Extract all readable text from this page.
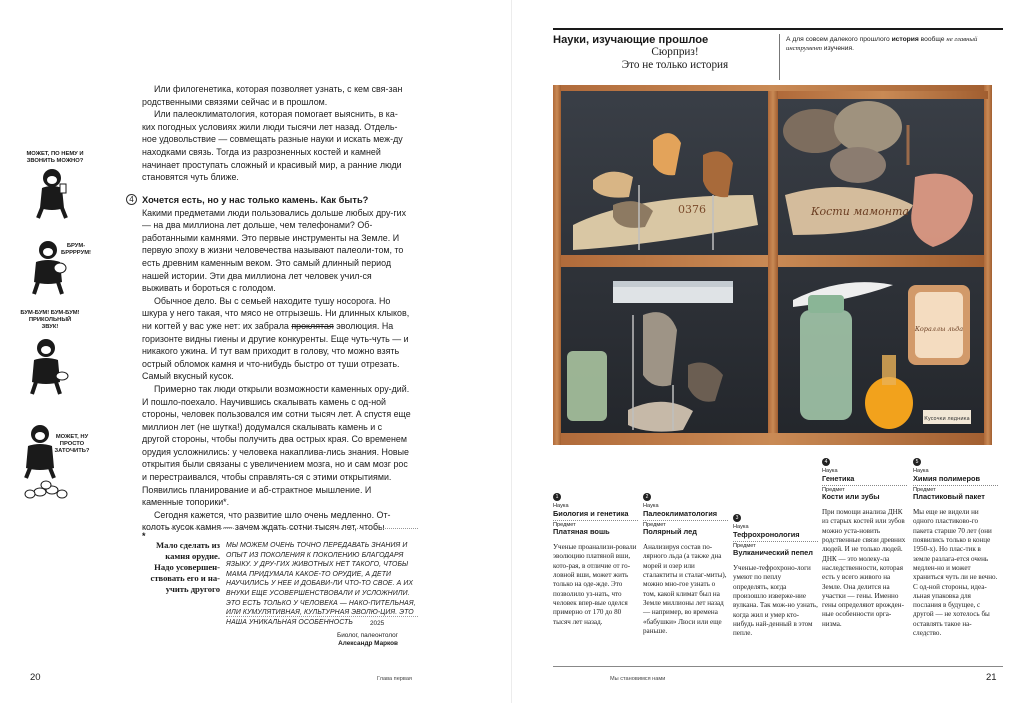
Или филогенетика, которая позволяет узнать, с кем свя-зан родственными связями сейчас и в прошлом.

Или палеоклиматология, которая помогает выяснить, в ка-ких погодных условиях жили люди тысячи лет назад. Отдель-ное удовольствие — совмещать разные науки и искать меж-ду находками связь. Тогда из разрозненных костей и камней начинает проступать сложный и красивый мир, а ранние люди становятся чуть ближе.

4 Хочется есть, но у нас только камень. Как быть?

Какими предметами люди пользовались дольше любых дру-гих — на два миллиона лет дольше, чем телефонами? Об-работанными камнями. Это первые инструменты на Земле. И первую эпоху в жизни человечества называют палеоли-том, то есть древним каменным веком. Это самый длинный период нашей истории. Эти два миллиона лет человек учил-ся выживать и бороться с голодом.

Обычное дело. Вы с семьей находите тушу носорога. Но шкура у него такая, что мясо не отгрызешь. Ни длинных клыков, ни когтей у вас уже нет: их забрала проклятая эволюция. На горизонте видны гиены и другие конкуренты. Еще чуть-чуть — и никакого ужина. И тут вам приходит в голову, что можно взять острый обломок камня и что-нибудь быстро от туши отрезать. Самый вкусный кусок.

Примерно так люди открыли возможности каменных ору-дий. И пошло-поехало. Научившись скалывать камень с од-ной стороны, человек пользовался им сотни тысяч лет. А спустя еще миллион лет (не шутка!) додумался скалывать камень и с другой стороны, чтобы получить два острых края. Со временем орудия усложнились: у человека накаплива-лись знания. Новые открытия были связаны с увеличением мозга, но и сам мозг рос и перестраивался, чтобы справлять-ся с этими открытиями. Появились планирование и аб-страктное мышление. И каменные топорики*.

Сегодня кажется, что развитие шло очень медленно. От-колоть кусок камня — зачем ждать сотни тысяч лет, чтобы

МОЖЕТ, ПО НЕМУ И ЗВОНИТЬ МОЖНО?
БРУМ-БРРРРУМ!
БУМ-БУМ! БУМ-БУМ! ПРИКОЛЬНЫЙ ЗВУК!
МОЖЕТ, НУ ПРОСТО ЗАТОЧИТЬ?
*
Мало сделать из камня орудие. Надо усовершен-ствовать его и на-учить другого
МЫ МОЖЕМ ОЧЕНЬ ТОЧНО ПЕРЕДАВАТЬ ЗНАНИЯ И ОПЫТ ИЗ ПОКОЛЕНИЯ К ПОКОЛЕНИЮ БЛАГОДАРЯ ЯЗЫКУ. У ДРУ-ГИХ ЖИВОТНЫХ НЕТ ТАКОГО, ЧТОБЫ МАМА ПРИДУМАЛА КАКОЕ-ТО ОРУДИЕ, А ДЕТИ НАУЧИЛИСЬ У НЕЕ И ДОБАВИ-ЛИ ЧТО-ТО СВОЕ. А ИХ ВНУКИ ЕЩЕ УСОВЕРШЕНСТВОВАЛИ И УСЛОЖНИЛИ. ЭТО ЕСТЬ ТОЛЬКО У ЧЕЛОВЕКА — НАКО-ПИТЕЛЬНАЯ, ИЛИ КУМУЛЯТИВНАЯ, КУЛЬТУРНАЯ ЭВОЛЮ-ЦИЯ. ЭТО НАША УНИКАЛЬНАЯ ОСОБЕННОСТЬ	2025
Биолог, палеонтолог
Александр Марков
20	Глава первая
Науки, изучающие прошлое
Сюрприз!
Это не только история
А для совсем далекого прошлого история вообще не главный инструмент изучения.
0376	Кости мамонта
Кораллы льда
Кусочки ледника
1
Наука
Биология и генетика
Предмет
Платяная вошь
Ученые проанализи-ровали эволюцию платяной вши, кото-рая, в отличие от го-ловной вши, может жить только на оде-жде. Это позволило уз-нать, что человек впер-вые оделся примерно от 170 до 80 тысяч лет назад.
2
Наука
Палеоклиматология
Предмет
Полярный лед
Анализируя состав по-лярного льда (а также дна морей и озер или сталактиты и сталаг-миты), можно мно-гое узнать о том, какой климат был на Земле миллионы лет назад — например, во времена «бабушки» Люси или еще раньше.
3
Наука
Тефрохронология
Предмет
Вулканический пепел
Ученые-тефрохроно-логи умеют по пеплу определять, когда произошло изверже-ние вулкана. Так мож-но узнать, когда жил и умер кто-нибудь най-денный в этом пепле.
4
Наука
Генетика
Предмет
Кости или зубы
При помощи анализа ДНК из старых костей или зубов можно уста-новить родственные связи древних людей. И не только людей. ДНК — это молеку-ла наследственности, которая есть у всего живого на Земле. Она делится на участки — гены. Именно гены определяют врожден-ные особенности орга-низма.
5
Наука
Химия полимеров
Предмет
Пластиковый пакет
Мы еще не видели ни одного пластиково-го пакета старше 70 лет (они появились только в конце 1950-х). Но плас-тик в земле разлага-ется очень медлен-но и может храниться чуть ли не вечно. С од-ной стороны, идеа-льная упаковка для послания в будущее, с другой — не хотелось бы оставлять такое на-следство.
Мы становимся нами	21
